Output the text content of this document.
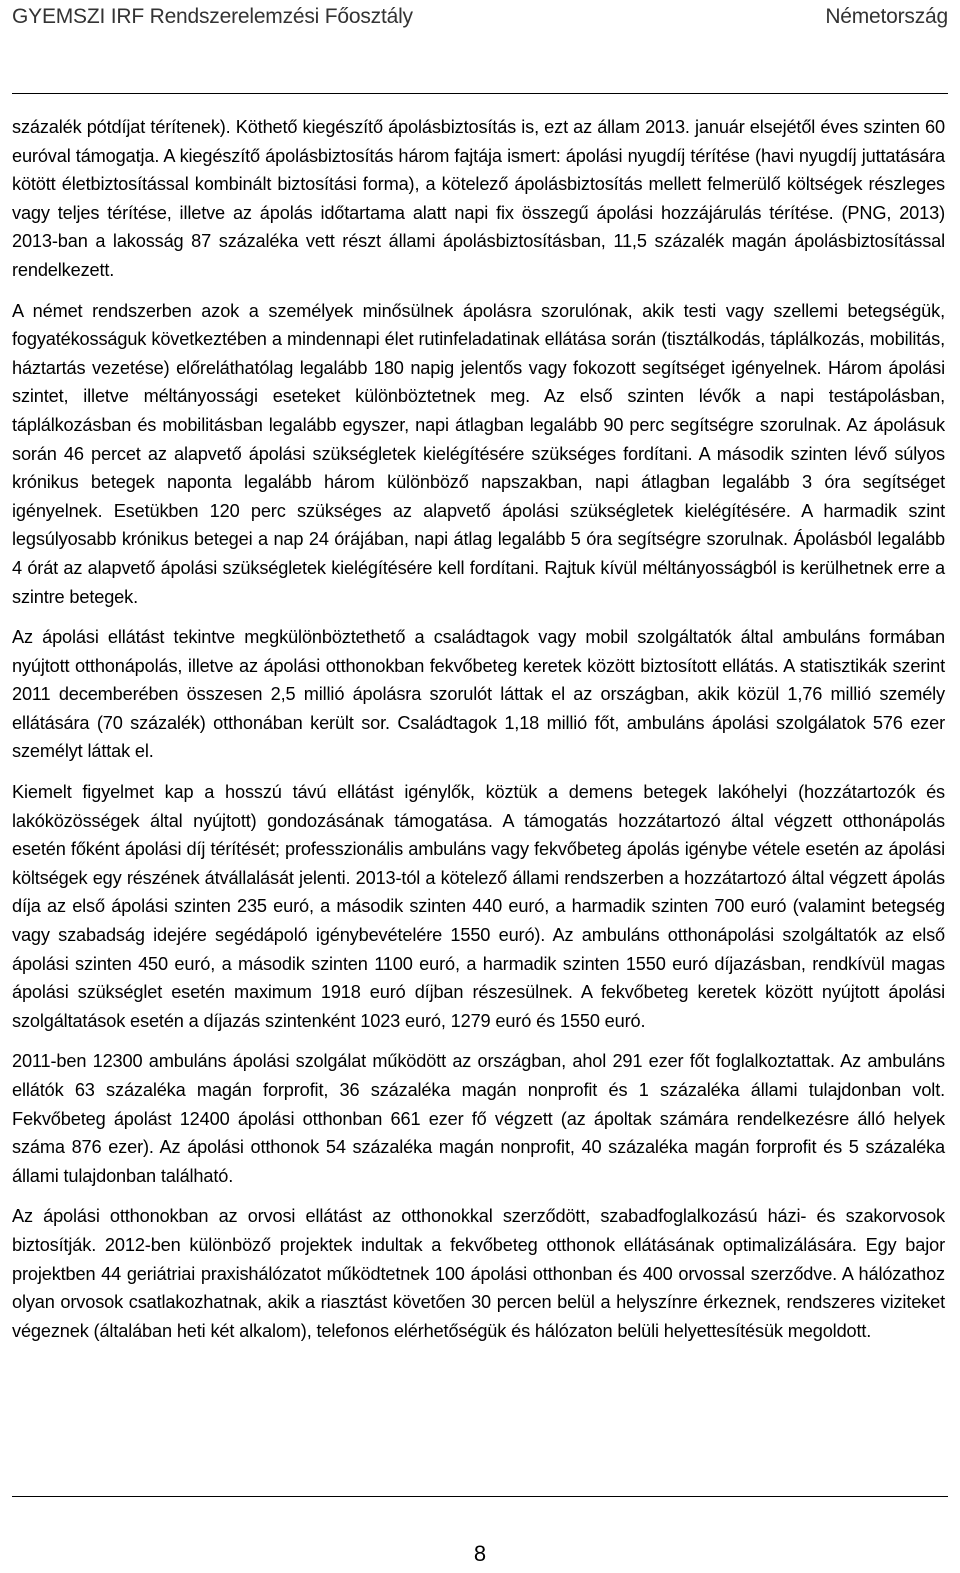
GYEMSZI IRF Rendszerelemzési Főosztály	Németország

százalék pótdíjat térítenek). Köthető kiegészítő ápolásbiztosítás is, ezt az állam 2013. január elsejétől éves szinten 60 euróval támogatja. A kiegészítő ápolásbiztosítás három fajtája ismert: ápolási nyugdíj térítése (havi nyugdíj juttatására kötött életbiztosítással kombinált biztosítási forma), a kötelező ápolásbiztosítás mellett felmerülő költségek részleges vagy teljes térítése, illetve az ápolás időtartama alatt napi fix összegű ápolási hozzájárulás térítése. (PNG, 2013) 2013-ban a lakosság 87 százaléka vett részt állami ápolásbiztosításban, 11,5 százalék magán ápolásbiztosítással rendelkezett.

A német rendszerben azok a személyek minősülnek ápolásra szorulónak, akik testi vagy szellemi betegségük, fogyatékosságuk következtében a mindennapi élet rutinfeladatinak ellátása során (tisztálkodás, táplálkozás, mobilitás, háztartás vezetése) előreláthatólag legalább 180 napig jelentős vagy fokozott segítséget igényelnek. Három ápolási szintet, illetve méltányossági eseteket különböztetnek meg. Az első szinten lévők a napi testápolásban, táplálkozásban és mobilitásban legalább egyszer, napi átlagban legalább 90 perc segítségre szorulnak. Az ápolásuk során 46 percet az alapvető ápolási szükségletek kielégítésére szükséges fordítani. A második szinten lévő súlyos krónikus betegek naponta legalább három különböző napszakban, napi átlagban legalább 3 óra segítséget igényelnek. Esetükben 120 perc szükséges az alapvető ápolási szükségletek kielégítésére. A harmadik szint legsúlyosabb krónikus betegei a nap 24 órájában, napi átlag legalább 5 óra segítségre szorulnak. Ápolásból legalább 4 órát az alapvető ápolási szükségletek kielégítésére kell fordítani. Rajtuk kívül méltányosságból is kerülhetnek erre a szintre betegek.

Az ápolási ellátást tekintve megkülönböztethető a családtagok vagy mobil szolgáltatók által ambuláns formában nyújtott otthonápolás, illetve az ápolási otthonokban fekvőbeteg keretek között biztosított ellátás. A statisztikák szerint 2011 decemberében összesen 2,5 millió ápolásra szorulót láttak el az országban, akik közül 1,76 millió személy ellátására (70 százalék) otthonában került sor. Családtagok 1,18 millió főt, ambuláns ápolási szolgálatok 576 ezer személyt láttak el.

Kiemelt figyelmet kap a hosszú távú ellátást igénylők, köztük a demens betegek lakóhelyi (hozzátartozók és lakóközösségek által nyújtott) gondozásának támogatása. A támogatás hozzátartozó által végzett otthonápolás esetén főként ápolási díj térítését; professzionális ambuláns vagy fekvőbeteg ápolás igénybe vétele esetén az ápolási költségek egy részének átvállalását jelenti. 2013-tól a kötelező állami rendszerben a hozzátartozó által végzett ápolás díja az első ápolási szinten 235 euró, a második szinten 440 euró, a harmadik szinten 700 euró (valamint betegség vagy szabadság idejére segédápoló igénybevételére 1550 euró). Az ambuláns otthonápolási szolgáltatók az első ápolási szinten 450 euró, a második szinten 1100 euró, a harmadik szinten 1550 euró díjazásban, rendkívül magas ápolási szükséglet esetén maximum 1918 euró díjban részesülnek. A fekvőbeteg keretek között nyújtott ápolási szolgáltatások esetén a díjazás szintenként 1023 euró, 1279 euró és 1550 euró.

2011-ben 12300 ambuláns ápolási szolgálat működött az országban, ahol 291 ezer főt foglalkoztattak. Az ambuláns ellátók 63 százaléka magán forprofit, 36 százaléka magán nonprofit és 1 százaléka állami tulajdonban volt. Fekvőbeteg ápolást 12400 ápolási otthonban 661 ezer fő végzett (az ápoltak számára rendelkezésre álló helyek száma 876 ezer). Az ápolási otthonok 54 százaléka magán nonprofit, 40 százaléka magán forprofit és 5 százaléka állami tulajdonban található.

Az ápolási otthonokban az orvosi ellátást az otthonokkal szerződött, szabadfoglalkozású házi- és szakorvosok biztosítják. 2012-ben különböző projektek indultak a fekvőbeteg otthonok ellátásának optimalizálására. Egy bajor projektben 44 geriátriai praxishálózatot működtetnek 100 ápolási otthonban és 400 orvossal szerződve. A hálózathoz olyan orvosok csatlakozhatnak, akik a riasztást követően 30 percen belül a helyszínre érkeznek, rendszeres viziteket végeznek (általában heti két alkalom), telefonos elérhetőségük és hálózaton belüli helyettesítésük megoldott.

8
